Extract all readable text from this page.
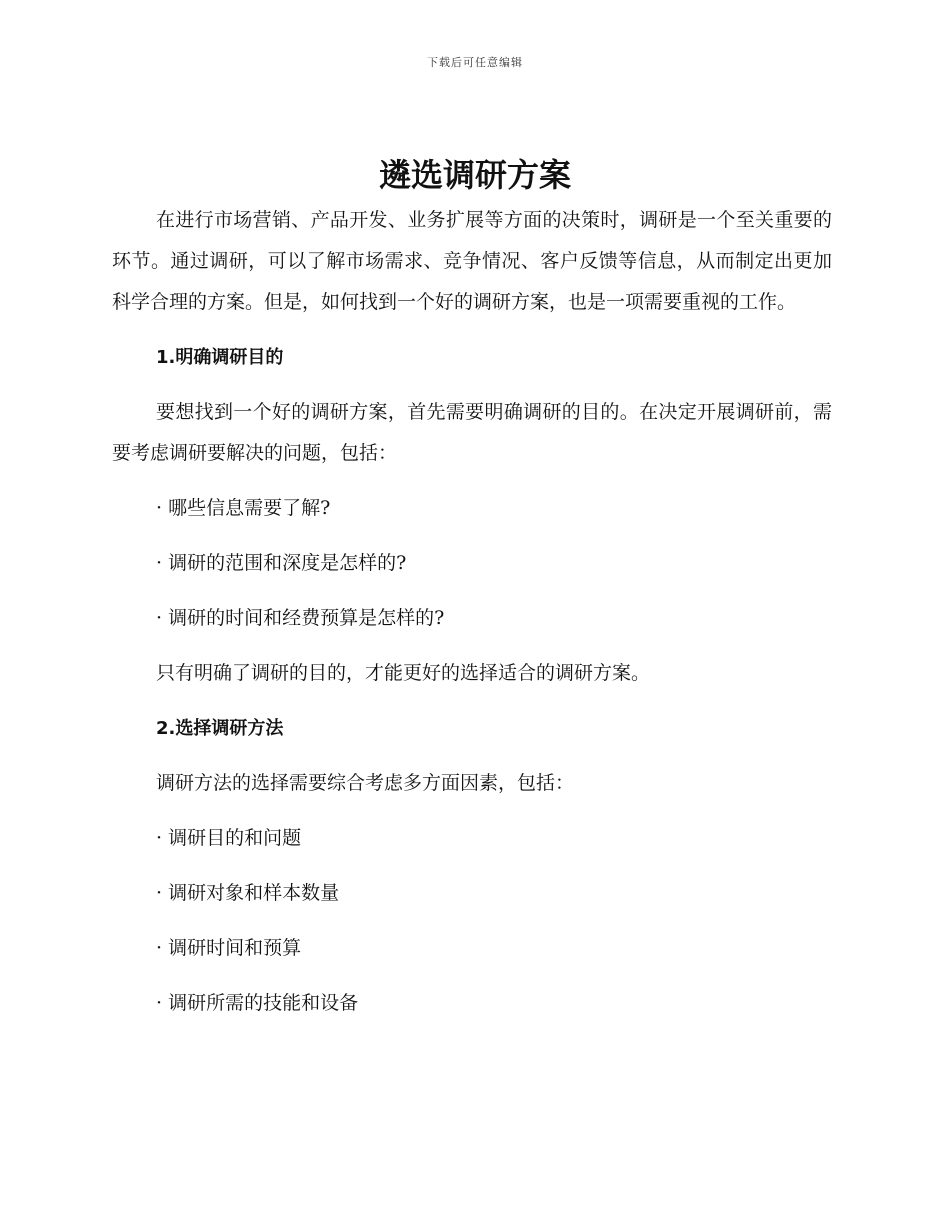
下载后可任意编辑
遴选调研方案

在进行市场营销、产品开发、业务扩展等方面的决策时，调研是一个至关重要的环节。通过调研，可以了解市场需求、竞争情况、客户反馈等信息，从而制定出更加科学合理的方案。但是，如何找到一个好的调研方案，也是一项需要重视的工作。

1.明确调研目的

要想找到一个好的调研方案，首先需要明确调研的目的。在决定开展调研前，需要考虑调研要解决的问题，包括：

· 哪些信息需要了解?
· 调研的范围和深度是怎样的?
· 调研的时间和经费预算是怎样的?
只有明确了调研的目的，才能更好的选择适合的调研方案。
2.选择调研方法
调研方法的选择需要综合考虑多方面因素，包括：
· 调研目的和问题
· 调研对象和样本数量
· 调研时间和预算
· 调研所需的技能和设备
